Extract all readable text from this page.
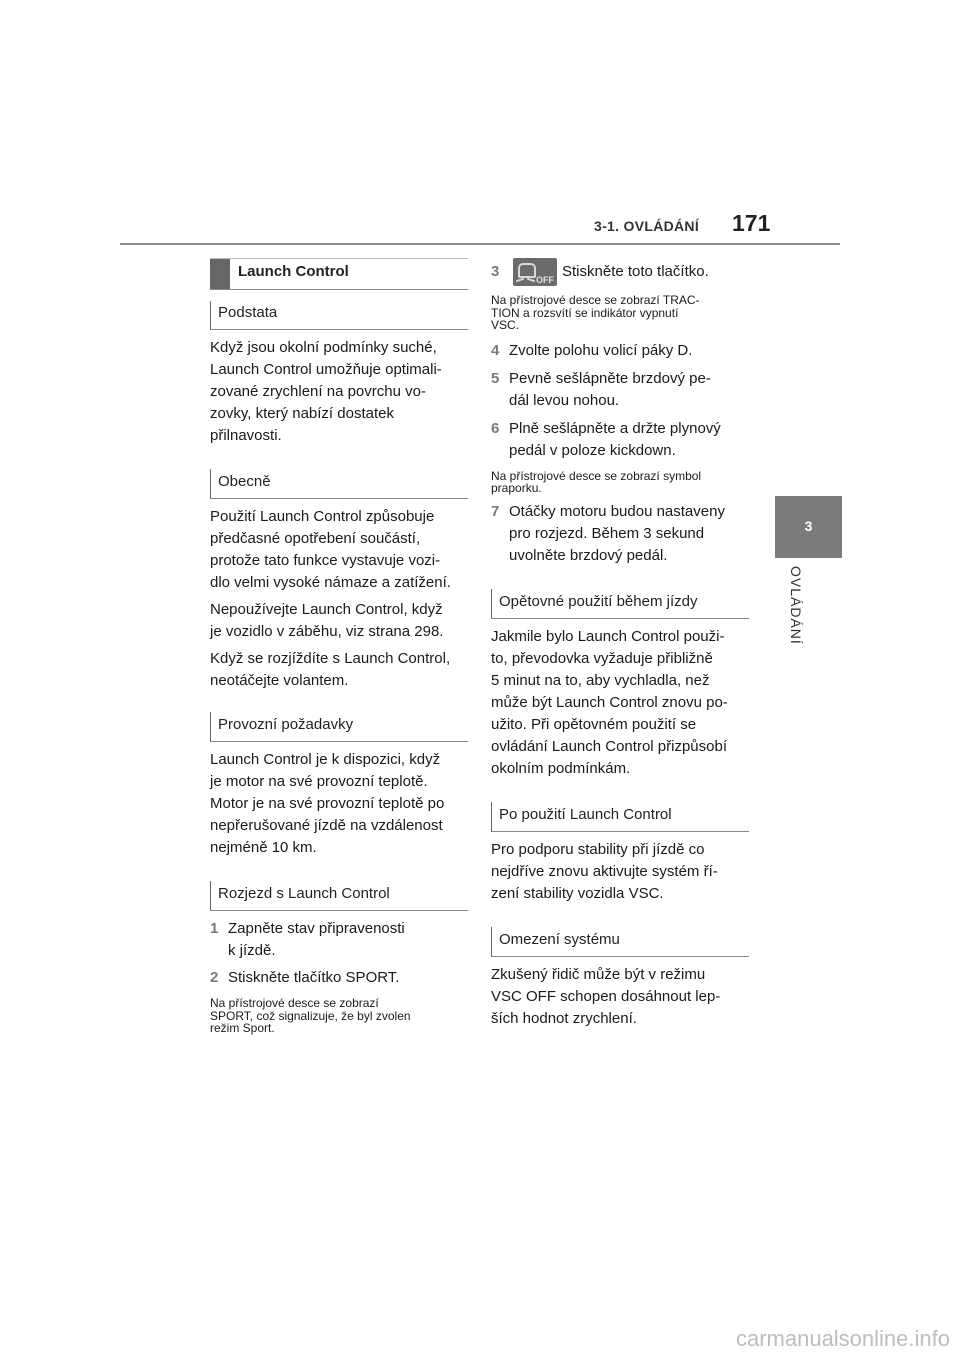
3-1. OVLÁDÁNÍ 171
3
OVLÁDÁNÍ
Launch Control
Podstata
Když jsou okolní podmínky suché,
Launch Control umožňuje optimali-
zované zrychlení na povrchu vo-
zovky, který nabízí dostatek
přilnavosti.
Obecně
Použití Launch Control způsobuje
předčasné opotřebení součástí,
protože tato funkce vystavuje vozi-
dlo velmi vysoké námaze a zatížení.
Nepoužívejte Launch Control, když
je vozidlo v záběhu, viz strana 298.
Když se rozjíždíte s Launch Control,
neotáčejte volantem.
Provozní požadavky
Launch Control je k dispozici, když
je motor na své provozní teplotě.
Motor je na své provozní teplotě po
nepřerušované jízdě na vzdálenost
nejméně 10 km.
Rozjezd s Launch Control
1 Zapněte stav připravenosti
k jízdě.
2 Stiskněte tlačítko SPORT.
Na přístrojové desce se zobrazí
SPORT, což signalizuje, že byl zvolen
režim Sport.
3
OFF
Stiskněte toto tlačítko.
Na přístrojové desce se zobrazí TRAC-
TION a rozsvítí se indikátor vypnutí
VSC.
4 Zvolte polohu volicí páky D.
5 Pevně sešlápněte brzdový pe-
dál levou nohou.
6 Plně sešlápněte a držte plynový
pedál v poloze kickdown.
Na přístrojové desce se zobrazí symbol
praporku.
7 Otáčky motoru budou nastaveny
pro rozjezd. Během 3 sekund
uvolněte brzdový pedál.
Opětovné použití během jízdy
Jakmile bylo Launch Control použi-
to, převodovka vyžaduje přibližně
5 minut na to, aby vychladla, než
může být Launch Control znovu po-
užito. Při opětovném použití se
ovládání Launch Control přizpůsobí
okolním podmínkám.
Po použití Launch Control
Pro podporu stability při jízdě co
nejdříve znovu aktivujte systém ří-
zení stability vozidla VSC.
Omezení systému
Zkušený řidič může být v režimu
VSC OFF schopen dosáhnout lep-
ších hodnot zrychlení.
carmanualsonline.info
